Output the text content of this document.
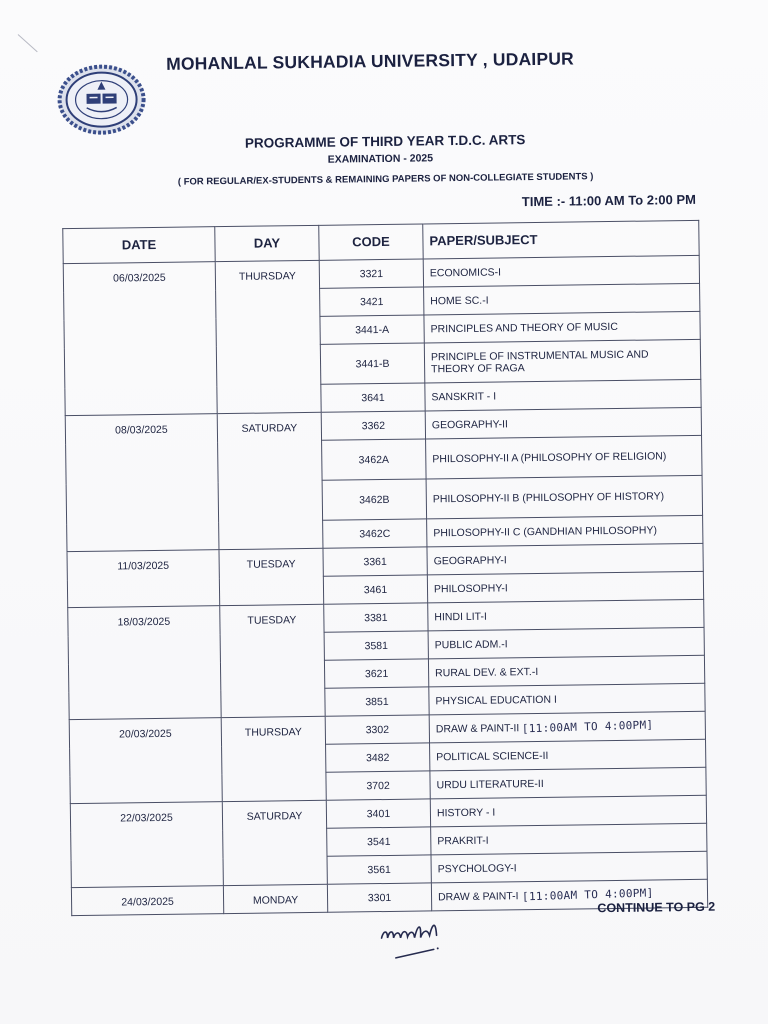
MOHANLAL SUKHADIA UNIVERSITY , UDAIPUR
PROGRAMME OF THIRD YEAR T.D.C. ARTS
EXAMINATION - 2025
( FOR REGULAR/EX-STUDENTS & REMAINING PAPERS OF NON-COLLEGIATE STUDENTS )
TIME :- 11:00 AM To 2:00 PM
DATE	DAY	CODE	PAPER/SUBJECT
06/03/2025	THURSDAY	3321	ECONOMICS-I
		3421	HOME SC.-I
		3441-A	PRINCIPLES AND THEORY OF MUSIC
		3441-B	PRINCIPLE OF INSTRUMENTAL MUSIC AND THEORY OF RAGA
		3641	SANSKRIT - I
08/03/2025	SATURDAY	3362	GEOGRAPHY-II
		3462A	PHILOSOPHY-II A (PHILOSOPHY OF RELIGION)
		3462B	PHILOSOPHY-II B (PHILOSOPHY OF HISTORY)
		3462C	PHILOSOPHY-II C (GANDHIAN PHILOSOPHY)
11/03/2025	TUESDAY	3361	GEOGRAPHY-I
		3461	PHILOSOPHY-I
18/03/2025	TUESDAY	3381	HINDI LIT-I
		3581	PUBLIC ADM.-I
		3621	RURAL DEV. & EXT.-I
		3851	PHYSICAL EDUCATION I
20/03/2025	THURSDAY	3302	DRAW & PAINT-II [11:00AM TO 4:00PM]
		3482	POLITICAL SCIENCE-II
		3702	URDU LITERATURE-II
22/03/2025	SATURDAY	3401	HISTORY - I
		3541	PRAKRIT-I
		3561	PSYCHOLOGY-I
24/03/2025	MONDAY	3301	DRAW & PAINT-I [11:00AM TO 4:00PM]
CONTINUE TO PG 2
